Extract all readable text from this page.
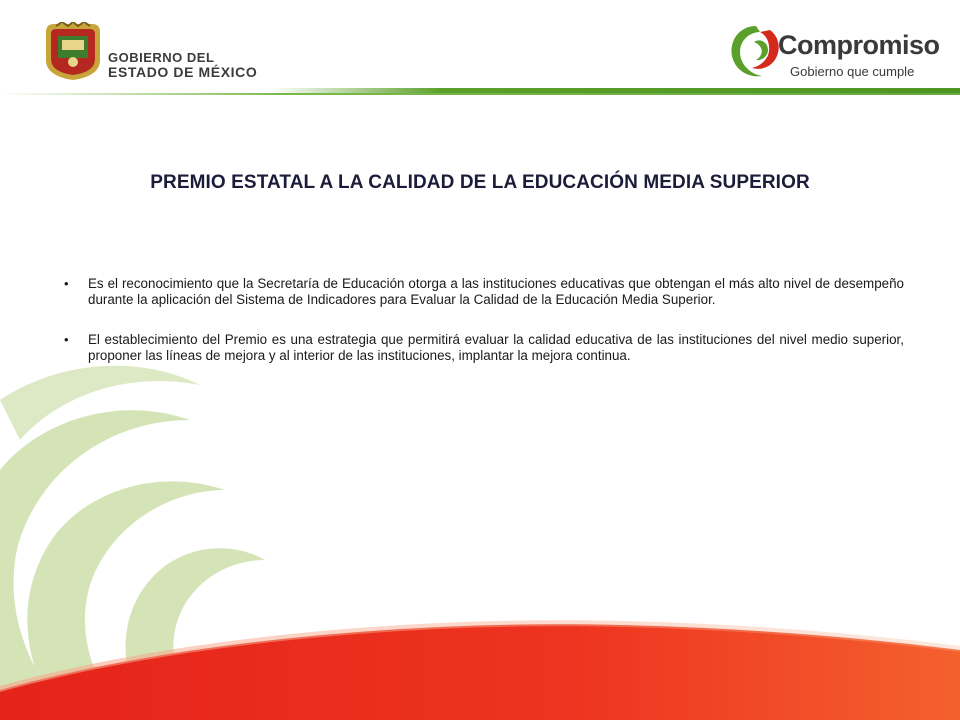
GOBIERNO DEL
ESTADO DE MÉXICO
Compromiso
Gobierno que cumple
PREMIO ESTATAL A LA CALIDAD DE LA EDUCACIÓN MEDIA SUPERIOR
• Es el reconocimiento que la Secretaría de Educación otorga a las instituciones educativas que obtengan el más alto nivel de desempeño durante la aplicación del Sistema de Indicadores para Evaluar la Calidad de la Educación Media Superior.
• El establecimiento del Premio es una estrategia que permitirá evaluar la calidad educativa de las instituciones del nivel medio superior, proponer las líneas de mejora y al interior de las instituciones, implantar la mejora continua.
